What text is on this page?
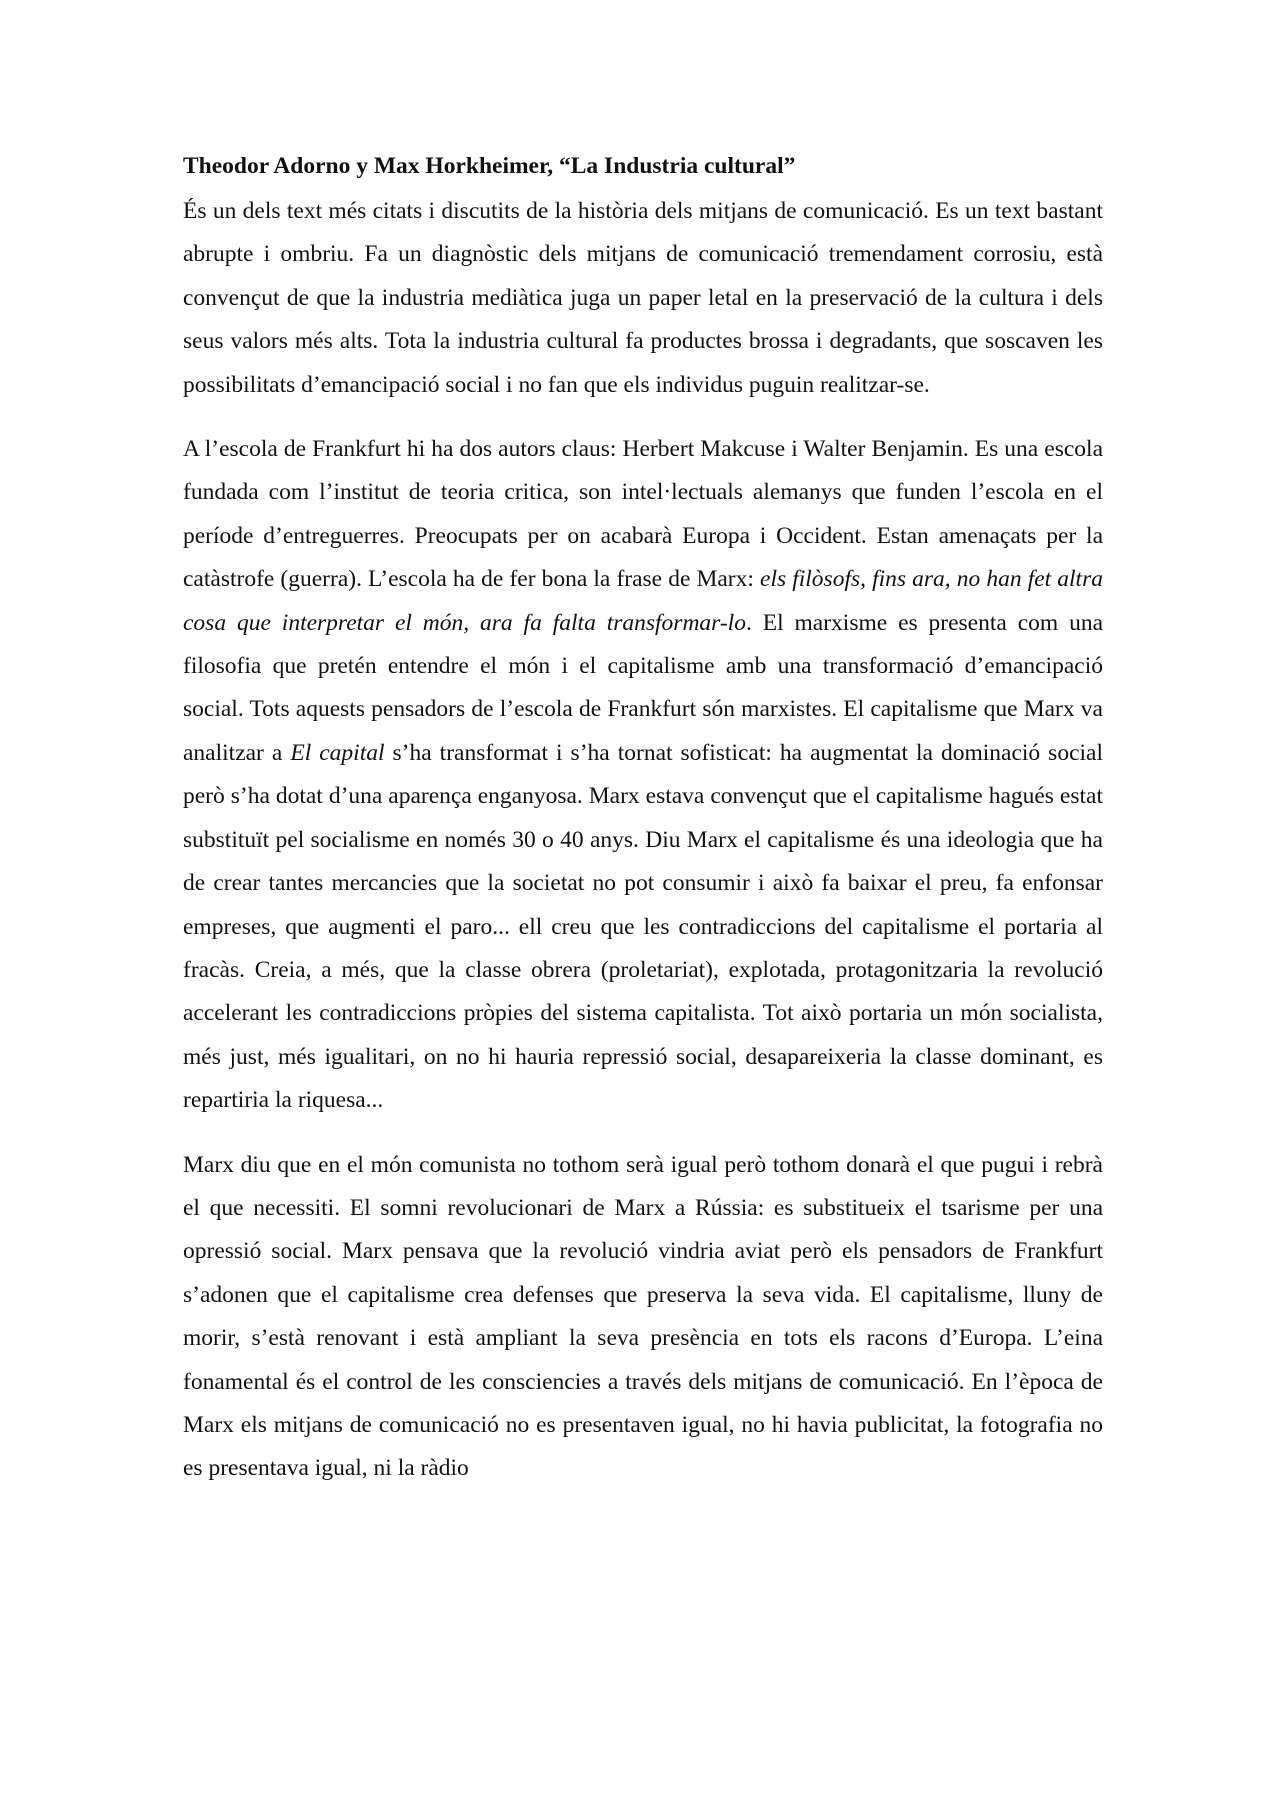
Theodor Adorno y Max Horkheimer, “La Industria cultural”

És un dels text més citats i discutits de la història dels mitjans de comunicació. Es un text bastant abrupte i ombriu. Fa un diagnòstic dels mitjans de comunicació tremendament corrosiu, està convençut de que la industria mediàtica juga un paper letal en la preservació de la cultura i dels seus valors més alts. Tota la industria cultural fa productes brossa i degradants, que soscaven les possibilitats d’emancipació social i no fan que els individus puguin realitzar-se.

A l’escola de Frankfurt hi ha dos autors claus: Herbert Makcuse i Walter Benjamin. Es una escola fundada com l’institut de teoria critica, son intel·lectuals alemanys que funden l’escola en el període d’entreguerres. Preocupats per on acabarà Europa i Occident. Estan amenaçats per la catàstrofe (guerra). L’escola ha de fer bona la frase de Marx: els filòsofs, fins ara, no han fet altra cosa que interpretar el món, ara fa falta transformar-lo. El marxisme es presenta com una filosofia que pretén entendre el món i el capitalisme amb una transformació d’emancipació social. Tots aquests pensadors de l’escola de Frankfurt són marxistes. El capitalisme que Marx va analitzar a El capital s’ha transformat i s’ha tornat sofisticat: ha augmentat la dominació social però s’ha dotat d’una aparença enganyosa. Marx estava convençut que el capitalisme hagués estat substituït pel socialisme en només 30 o 40 anys. Diu Marx el capitalisme és una ideologia que ha de crear tantes mercancies que la societat no pot consumir i això fa baixar el preu, fa enfonsar empreses, que augmenti el paro... ell creu que les contradiccions del capitalisme el portaria al fracàs. Creia, a més, que la classe obrera (proletariat), explotada, protagonitzaria la revolució accelerant les contradiccions pròpies del sistema capitalista. Tot això portaria un món socialista, més just, més igualitari, on no hi hauria repressió social, desapareixeria la classe dominant, es repartiria la riquesa...

Marx diu que en el món comunista no tothom serà igual però tothom donarà el que pugui i rebrà el que necessiti. El somni revolucionari de Marx a Rússia: es substitueix el tsarisme per una opressió social. Marx pensava que la revolució vindria aviat però els pensadors de Frankfurt s’adonen que el capitalisme crea defenses que preserva la seva vida. El capitalisme, lluny de morir, s’està renovant i està ampliant la seva presència en tots els racons d’Europa. L’eina fonamental és el control de les consciencies a través dels mitjans de comunicació. En l’època de Marx els mitjans de comunicació no es presentaven igual, no hi havia publicitat, la fotografia no es presentava igual, ni la ràdio
